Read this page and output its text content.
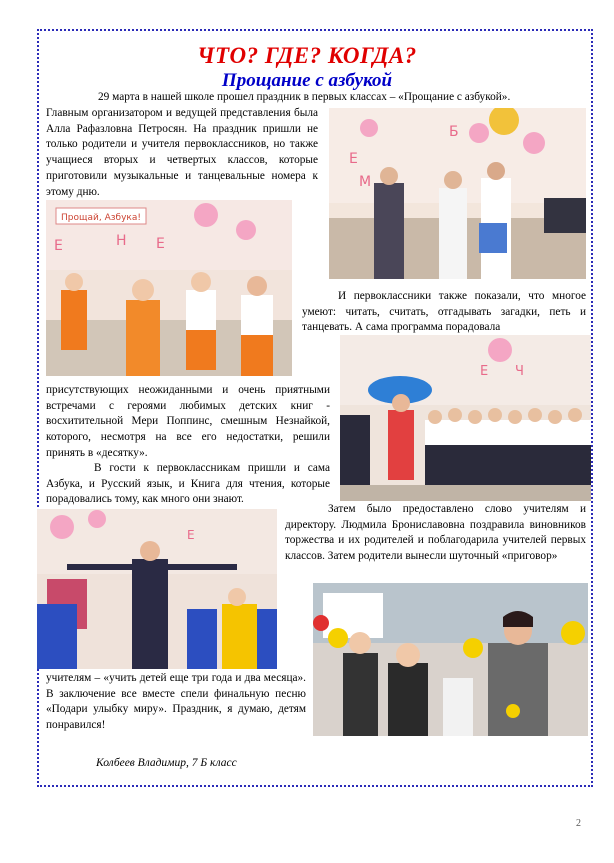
ЧТО? ГДЕ? КОГДА?
Прощание с азбукой

29 марта в нашей школе прошел праздник в первых классах – «Прощание с азбукой».

Главным организатором и ведущей представления была Алла Рафазловна Петросян. На праздник пришли не только родители и учителя первоклассников, но также учащиеся вторых и четвертых классов, которые приготовили музыкальные и танцевальные номера к этому дню.

Е
М
Б
Прощай, Азбука!
Е	Н Е

И первоклассники также показали, что многое умеют: читать, считать, отгадывать загадки, петь и танцевать. А сама программа порадовала

Е Ч

присутствующих неожиданными и очень приятными встречами с героями любимых детских книг - восхитительной Мери Поппинс, смешным Незнайкой, которого, несмотря на все его недостатки, решили принять в «десятку».

В гости к первоклассникам пришли и сама Азбука, и Русский язык, и Книга для чтения, которые порадовались тому, как много они знают.

Затем было предоставлено слово учителям и директору. Людмила Брониславовна поздравила виновников торжества и их родителей и поблагодарила учителей первых классов. Затем родители вынесли шуточный «приговор»

Е

учителям – «учить детей еще три года и два месяца». В заключение все вместе спели финальную песню «Подари улыбку миру». Праздник, я думаю, детям понравился!

Колбеев Владимир, 7 Б класс
2
